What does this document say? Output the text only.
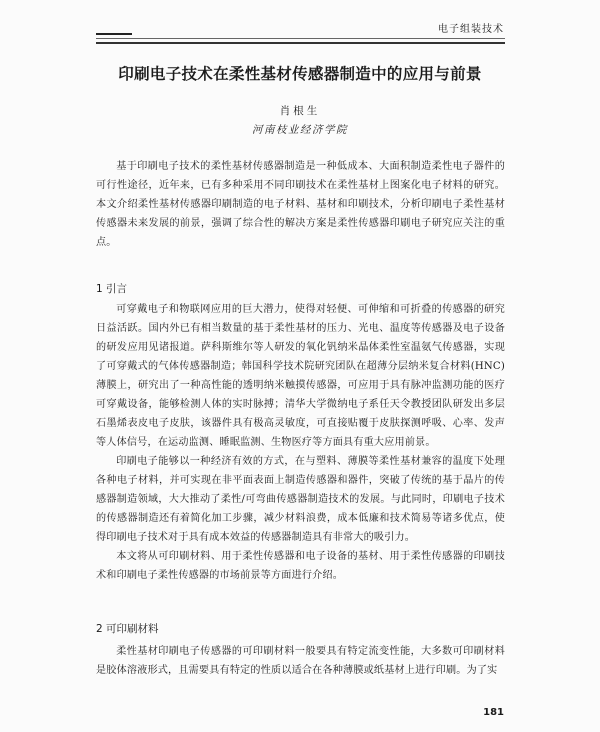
电子组装技术
印刷电子技术在柔性基材传感器制造中的应用与前景
肖根生
河南枝业经济学院

基于印刷电子技术的柔性基材传感器制造是一种低成本、大面积制造柔性电子器件的可行性途径，近年来，已有多种采用不同印刷技术在柔性基材上图案化电子材料的研究。本文介绍柔性基材传感器印刷制造的电子材料、基材和印刷技术，分析印刷电子柔性基材传感器未来发展的前景，强调了综合性的解决方案是柔性传感器印刷电子研究应关注的重点。

1 引言

可穿戴电子和物联网应用的巨大潜力，使得对轻便、可伸缩和可折叠的传感器的研究日益活跃。国内外已有相当数量的基于柔性基材的压力、光电、温度等传感器及电子设备的研发应用见诸报道。萨科斯维尔等人研发的氧化钒纳米晶体柔性室温氨气传感器，实现了可穿戴式的气体传感器制造；韩国科学技术院研究团队在超薄分层纳米复合材料(HNC)薄膜上，研究出了一种高性能的透明纳米触摸传感器，可应用于具有脉冲监测功能的医疗可穿戴设备，能够检测人体的实时脉搏；清华大学微纳电子系任天令教授团队研发出多层石墨烯表皮电子皮肤，该器件具有极高灵敏度，可直接贴覆于皮肤探测呼吸、心率、发声等人体信号，在运动监测、睡眠监测、生物医疗等方面具有重大应用前景。

印刷电子能够以一种经济有效的方式，在与塑料、薄膜等柔性基材兼容的温度下处理各种电子材料，并可实现在非平面表面上制造传感器和器件，突破了传统的基于晶片的传感器制造领域，大大推动了柔性/可弯曲传感器制造技术的发展。与此同时，印刷电子技术的传感器制造还有着简化加工步骤，减少材料浪费，成本低廉和技术简易等诸多优点，使得印刷电子技术对于具有成本效益的传感器制造具有非常大的吸引力。

本文将从可印刷材料、用于柔性传感器和电子设备的基材、用于柔性传感器的印刷技术和印刷电子柔性传感器的市场前景等方面进行介绍。

2 可印刷材料

柔性基材印刷电子传感器的可印刷材料一般要具有特定流变性能，大多数可印刷材料是胶体溶液形式，且需要具有特定的性质以适合在各种薄膜或纸基材上进行印刷。为了实

181
